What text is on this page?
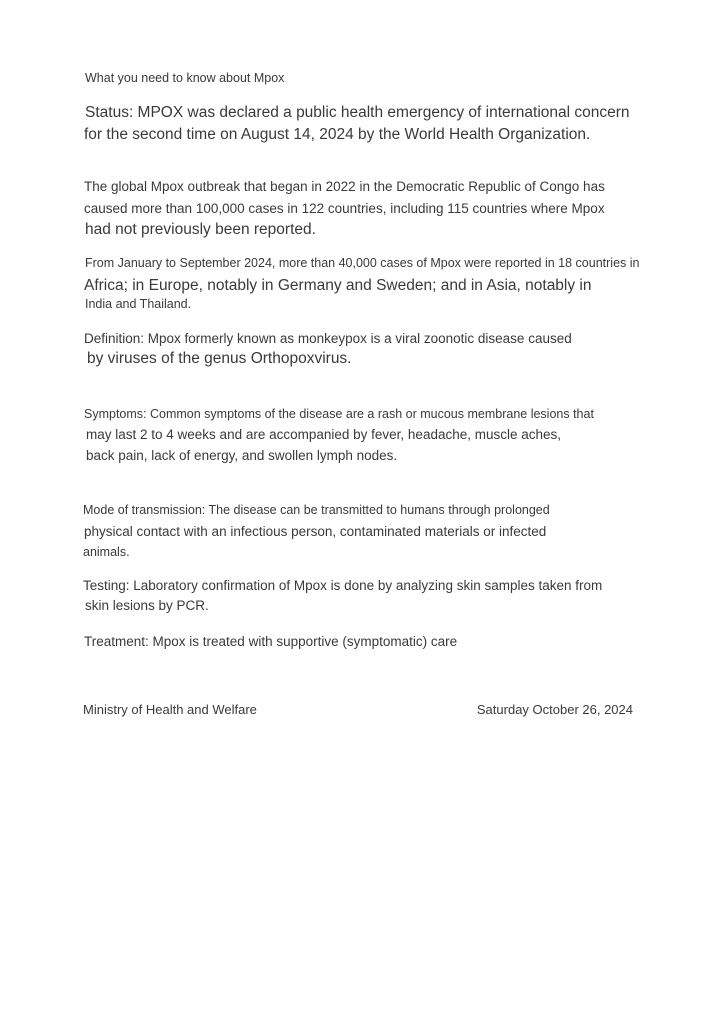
What you need to know about Mpox
Status: MPOX was declared a public health emergency of international concern
for the second time on August 14, 2024 by the World Health Organization.
The global Mpox outbreak that began in 2022 in the Democratic Republic of Congo has
caused more than 100,000 cases in 122 countries, including 115 countries where Mpox
had not previously been reported.
From January to September 2024, more than 40,000 cases of Mpox were reported in 18 countries in
Africa; in Europe, notably in Germany and Sweden; and in Asia, notably in
India and Thailand.
Definition: Mpox formerly known as monkeypox is a viral zoonotic disease caused
by viruses of the genus Orthopoxvirus.
Symptoms: Common symptoms of the disease are a rash or mucous membrane lesions that
may last 2 to 4 weeks and are accompanied by fever, headache, muscle aches,
back pain, lack of energy, and swollen lymph nodes.
Mode of transmission: The disease can be transmitted to humans through prolonged
physical contact with an infectious person, contaminated materials or infected
animals.
Testing: Laboratory confirmation of Mpox is done by analyzing skin samples taken from
skin lesions by PCR.
Treatment: Mpox is treated with supportive (symptomatic) care
Ministry of Health and Welfare	Saturday October 26, 2024
